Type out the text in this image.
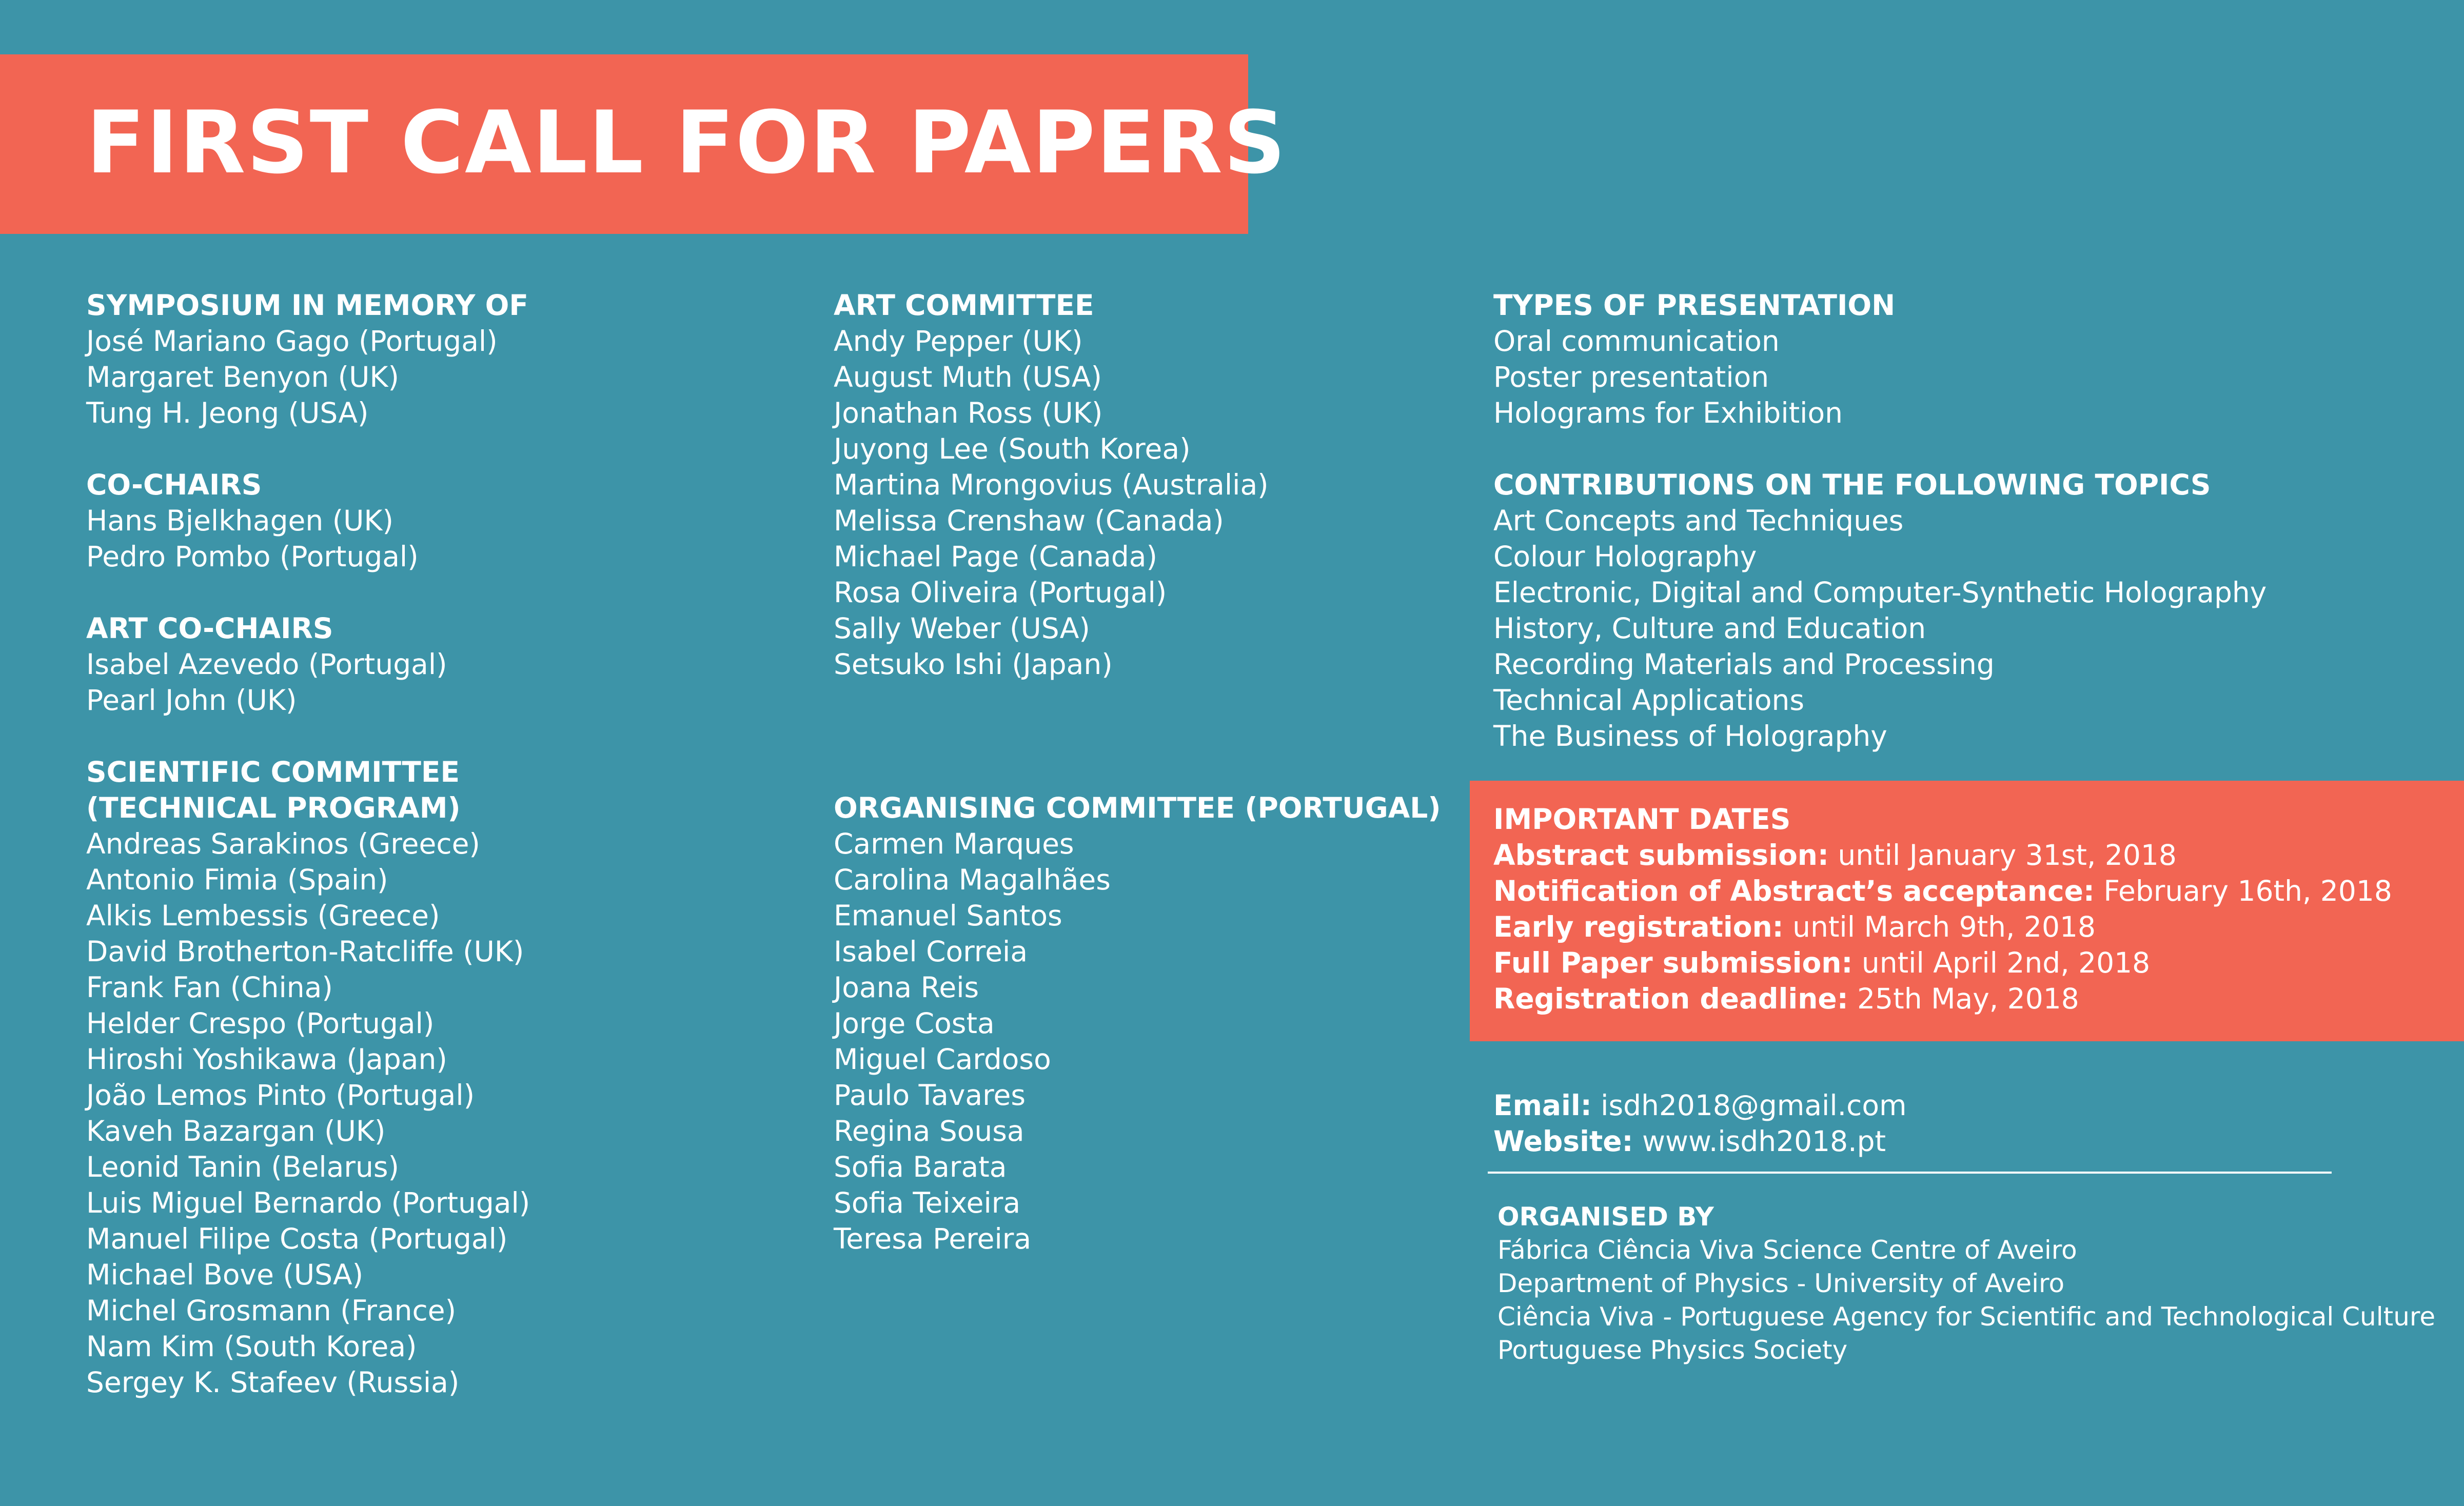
FIRST CALL FOR PAPERS
SYMPOSIUM IN MEMORY OF
José Mariano Gago (Portugal)
Margaret Benyon (UK)
Tung H. Jeong (USA)
CO-CHAIRS
Hans Bjelkhagen (UK)
Pedro Pombo (Portugal)
ART CO-CHAIRS
Isabel Azevedo (Portugal)
Pearl John (UK)
SCIENTIFIC COMMITTEE
(TECHNICAL PROGRAM)
Andreas Sarakinos (Greece)
Antonio Fimia (Spain)
Alkis Lembessis (Greece)
David Brotherton-Ratcliffe (UK)
Frank Fan (China)
Helder Crespo (Portugal)
Hiroshi Yoshikawa (Japan)
João Lemos Pinto (Portugal)
Kaveh Bazargan (UK)
Leonid Tanin (Belarus)
Luis Miguel Bernardo (Portugal)
Manuel Filipe Costa (Portugal)
Michael Bove (USA)
Michel Grosmann (France)
Nam Kim (South Korea)
Sergey K. Stafeev (Russia)
ART COMMITTEE
Andy Pepper (UK)
August Muth (USA)
Jonathan Ross (UK)
Juyong Lee (South Korea)
Martina Mrongovius (Australia)
Melissa Crenshaw (Canada)
Michael Page (Canada)
Rosa Oliveira (Portugal)
Sally Weber (USA)
Setsuko Ishi (Japan)
ORGANISING COMMITTEE (PORTUGAL)
Carmen Marques
Carolina Magalhães
Emanuel Santos
Isabel Correia
Joana Reis
Jorge Costa
Miguel Cardoso
Paulo Tavares
Regina Sousa
Sofia Barata
Sofia Teixeira
Teresa Pereira
TYPES OF PRESENTATION
Oral communication
Poster presentation
Holograms for Exhibition
CONTRIBUTIONS ON THE FOLLOWING TOPICS
Art Concepts and Techniques
Colour Holography
Electronic, Digital and Computer-Synthetic Holography
History, Culture and Education
Recording Materials and Processing
Technical Applications
The Business of Holography
IMPORTANT DATES
Abstract submission: until January 31st, 2018
Notification of Abstract’s acceptance: February 16th, 2018
Early registration: until March 9th, 2018
Full Paper submission: until April 2nd, 2018
Registration deadline: 25th May, 2018
Email: isdh2018@gmail.com
Website: www.isdh2018.pt
ORGANISED BY
Fábrica Ciência Viva Science Centre of Aveiro
Department of Physics - University of Aveiro
Ciência Viva - Portuguese Agency for Scientific and Technological Culture
Portuguese Physics Society
